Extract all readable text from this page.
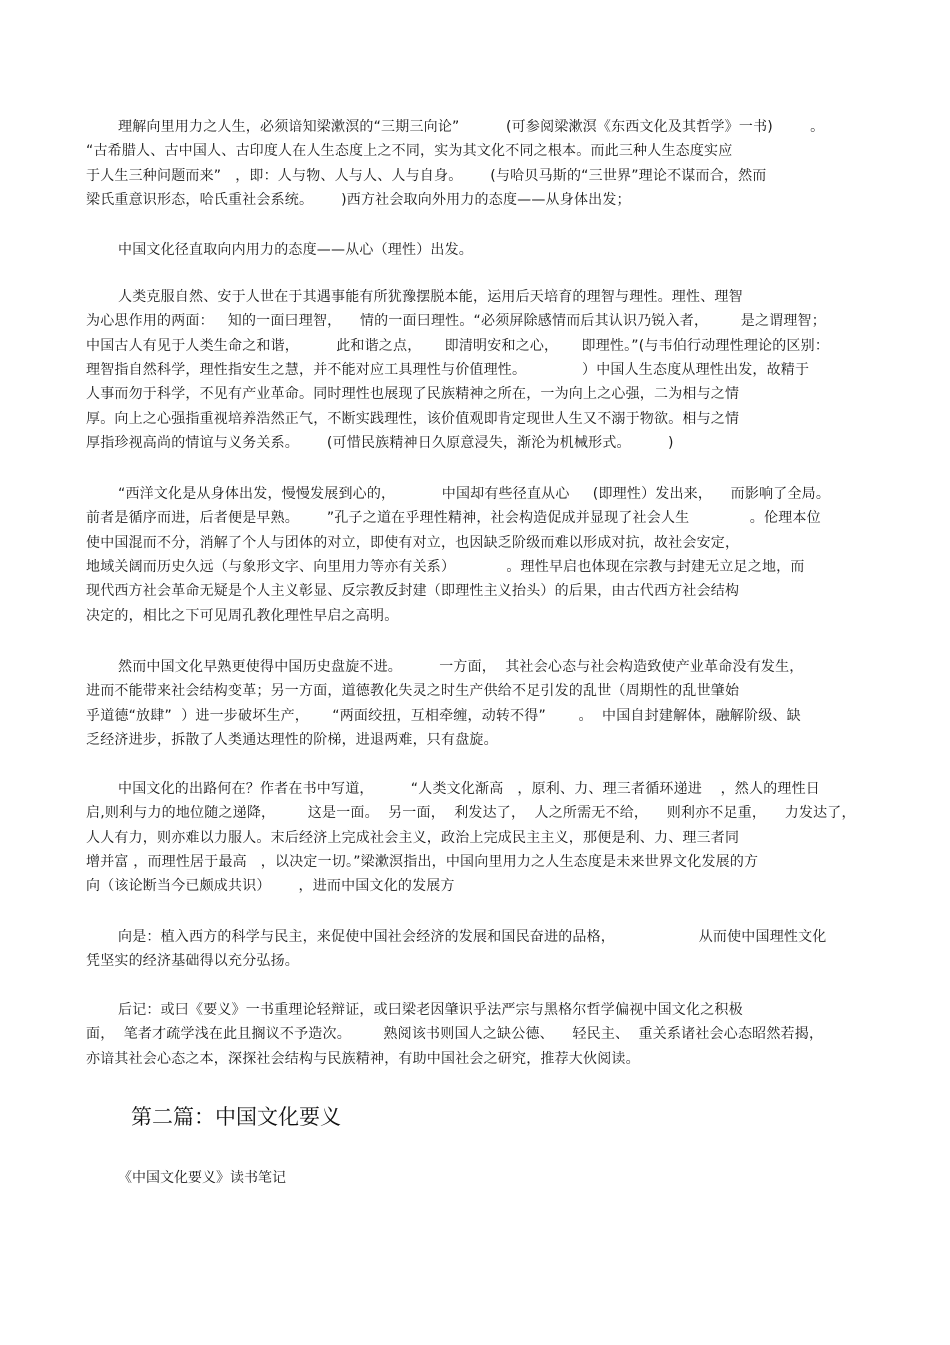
理解向里用力之人生，必须谙知梁漱溟的“三期三向论”          (可参阅梁漱溟《东西文化及其哲学》一书)        。
“古希腊人、古中国人、古印度人在人生态度上之不同，实为其文化不同之根本。而此三种人生态度实应
于人生三种问题而来”   ，即：人与物、人与人、人与自身。      (与哈贝马斯的“三世界”理论不谋而合，然而
梁氏重意识形态，哈氏重社会系统。      )西方社会取向外用力的态度——从身体出发；
中国文化径直取向内用力的态度——从心（理性）出发。
人类克服自然、安于人世在于其遇事能有所犹豫摆脱本能，运用后天培育的理智与理性。理性、理智
为心思作用的两面：   知的一面曰理智，    情的一面曰理性。“必须屏除感情而后其认识乃锐入者，       是之谓理智；
中国古人有见于人类生命之和谐，        此和谐之点，     即清明安和之心，     即理性。”(与韦伯行动理性理论的区别：
理智指自然科学，理性指安生之慧，并不能对应工具理性与价值理性。            ）中国人生态度从理性出发，故精于
人事而勿于科学，不见有产业革命。同时理性也展现了民族精神之所在，一为向上之心强，二为相与之情
厚。向上之心强指重视培养浩然正气，不断实践理性，该价值观即肯定现世人生又不溺于物欲。相与之情
厚指珍视高尚的情谊与义务关系。      (可惜民族精神日久原意浸失，渐沦为机械形式。        )
“西洋文化是从身体出发，慢慢发展到心的，          中国却有些径直从心     (即理性）发出来，    而影响了全局。
前者是循序而进，后者便是早熟。      ”孔子之道在乎理性精神，社会构造促成并显现了社会人生             。伦理本位
使中国混而不分，消解了个人与团体的对立，即使有对立，也因缺乏阶级而难以形成对抗，故社会安定，
地域关阔而历史久远（与象形文字、向里用力等亦有关系）           。理性早启也体现在宗教与封建无立足之地，而
现代西方社会革命无疑是个人主义彰显、反宗教反封建（即理性主义抬头）的后果，由古代西方社会结构
决定的，相比之下可见周孔教化理性早启之高明。
然而中国文化早熟更使得中国历史盘旋不进。        一方面，  其社会心态与社会构造致使产业革命没有发生，
进而不能带来社会结构变革；另一方面，道德教化失灵之时生产供给不足引发的乱世（周期性的乱世肇始
乎道德“放肆”  ）进一步破坏生产，     “两面绞扭，互相牵缠，动转不得”       。  中国自封建解体，融解阶级、缺
乏经济进步，拆散了人类通达理性的阶梯，进退两难，只有盘旋。
中国文化的出路何在？作者在书中写道，        “人类文化渐高   ，原利、力、理三者循环递进    ，然人的理性日
启,则利与力的地位随之递降，       这是一面。  另一面，  利发达了，  人之所需无不给，    则利亦不足重，    力发达了，
人人有力，则亦难以力服人。末后经济上完成社会主义，政治上完成民主主义，那便是利、力、理三者同
增并富 ，而理性居于最高   ，以决定一切。”梁漱溟指出，中国向里用力之人生态度是未来世界文化发展的方
向（该论断当今已颇成共识）      ，进而中国文化的发展方
向是：植入西方的科学与民主，来促使中国社会经济的发展和国民奋进的品格，                  从而使中国理性文化
凭坚实的经济基础得以充分弘扬。
后记：或曰《要义》一书重理论轻辩证，或曰梁老因肇识乎法严宗与黑格尔哲学偏视中国文化之积极
面，  笔者才疏学浅在此且搁议不予造次。       熟阅该书则国人之缺公德、    轻民主、  重关系诸社会心态昭然若揭，
亦谙其社会心态之本，深探社会结构与民族精神，有助中国社会之研究，推荐大伙阅读。
第二篇：中国文化要义
《中国文化要义》读书笔记
